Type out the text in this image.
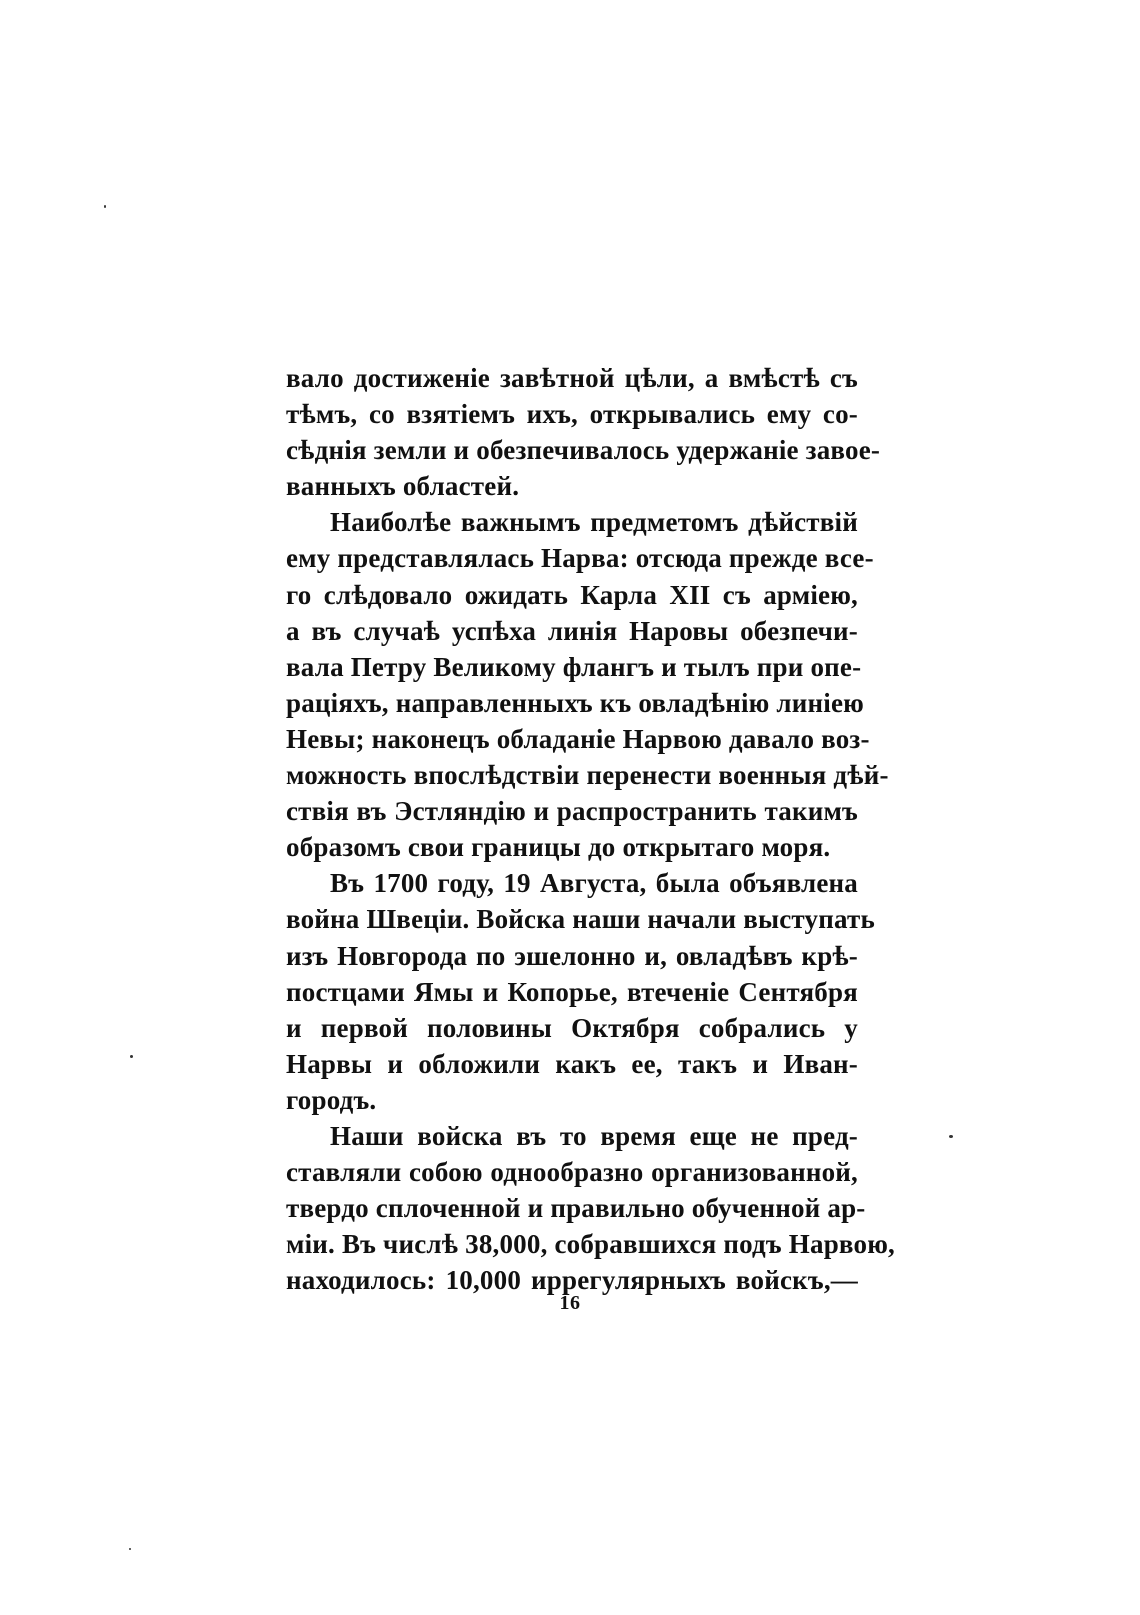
вало достиженіе завѣтной цѣли, а вмѣстѣ съ
тѣмъ, со взятіемъ ихъ, открывались ему со-
сѣднія земли и обезпечивалось удержаніе завое-
ванныхъ областей.
Наиболѣе важнымъ предметомъ дѣйствій
ему представлялась Нарва: отсюда прежде все-
го слѣдовало ожидать Карла XII съ арміею,
а въ случаѣ успѣха линія Наровы обезпечи-
вала Петру Великому флангъ и тылъ при опе-
раціяхъ, направленныхъ къ овладѣнію линіею
Невы; наконецъ обладаніе Нарвою давало воз-
можность впослѣдствіи перенести военныя дѣй-
ствія въ Эстляндію и распространить такимъ
образомъ свои границы до открытаго моря.
Въ 1700 году, 19 Августа, была объявлена
война Швеціи. Войска наши начали выступать
изъ Новгорода по эшелонно и, овладѣвъ крѣ-
постцами Ямы и Копорье, втеченіе Сентября
и первой половины Октября собрались у
Нарвы и обложили какъ ее, такъ и Иван-
городъ.
Наши войска въ то время еще не пред-
ставляли собою однообразно организованной,
твердо сплоченной и правильно обученной ар-
міи. Въ числѣ 38,000, собравшихся подъ Нарвою,
находилось: 10,000 иррегулярныхъ войскъ,—
16
